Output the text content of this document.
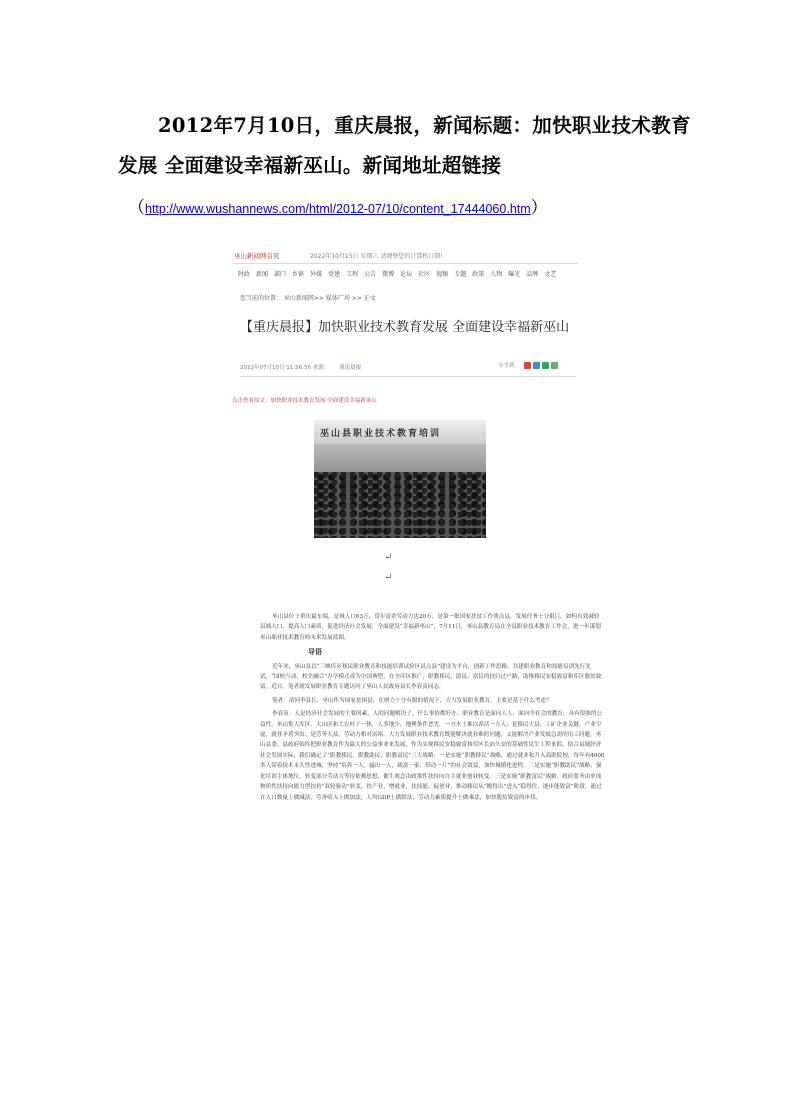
2012年7月10日，重庆晨报，新闻标题：加快职业技术教育发展 全面建设幸福新巫山。新闻地址超链接
（http://www.wushannews.com/html/2012-07/10/content_17444060.htm）
巫山新闻网首页	2022年10月15日 星期六 请调整您的计算机日期!
时政 新闻 部门 乡镇 外媒 党建 工程 公告 微博 论坛 社区 视频 专题 政策 人物 曝光 品牌 文艺
您当前的位置： 巫山新闻网>> 媒体广场 >> 正文
【重庆晨报】加快职业技术教育发展 全面建设幸福新巫山
2012年07月10日 11:56:56 来源： 重庆晨报	分享到：
点击查看原文：加快职业技术教育发展 全面建设幸福新巫山
巫山县职业技术教育培训
↵
↵

巫山县位于重庆最东端，是域人口63万，常年富余劳动力达20万，是第一批国家扶贫工作重点县，发展任务十分艰巨。如何有效减轻县域人口、提高人口素质，促进经济社会发展，全面建设“幸福新巫山”，7月11日，巫山县教育局在全县职业技术教育工作会，进一步谋划巫山职业技术教育的未来发展蓝图。

导语

近年来，巫山县以“三峡库区移民职业教育和技能培训试验区试点县”建设为平台，创新工作思路，共建职业教育和技能培训先行先试，“园校互动、校企融合”办学模式成为全国典型，在全库区推广，职教移民、助民、富民的扶归过户路，助推移民安稳致富和库区脱贫致富。近日，笔者就发展职业教育专题访问了巫山人民政府县长李春寅同志。

笔者：请问李县长，巫山作为国家贫困县，在财力十分有限的情况下，大力发展职业教育，主要是基于什么考虑？

李春寅：人是经济社会发展的主要因素，人的问题解决了，什么事情都好办。职业教育是面向人人、面向全社会的教育，具有很强的公益性。巫山集大库区、大山区和大农村于一体，人多地少，地理条件恶劣，一方水土难以养活一方人；是移民大县，工矿企业关键，产业空虚，就业矛盾突出；是劳务大县，劳动力相对富裕。大力发展职业技术教育既能解决就业难的问题，又能解决产业发展急需的用工问题。巫山县委、县政府始终把职业教育作为最大的公益事业来发展，作为实现移民安稳致富和库区长治久安的基础性民生工程来抓。结合县域经济社会发展实际，我们确定了“职教移民，职教助民，职教富民”三大战略：一是实施“职教移民”战略，通过就业和升入高职院校，每年有4000多人带着技术永久性进城，坚持“培养一人，输出一人，致富一家，带动一片”的社会效益，加快城镇化进程。二是实施“职教助民”战略，强化培训主体地位，转变部分劳动力等待依赖思想，催生观念由政策性扶持向自主就业创业转变。三是实施“职教富民”战略。政府要务由单纯物质性扶持向能力型扶持“双轮驱动”转变，扶产业，增就业，扶技能，促创业，推动移民从“搬得出”进入“稳得住、逐步能致富”阶段。通过在人口数量上做减法，劳务收入上做加法，人均GDP上做除法，劳动力素质提升上做乘法，加快脱贫致富的步伐。
